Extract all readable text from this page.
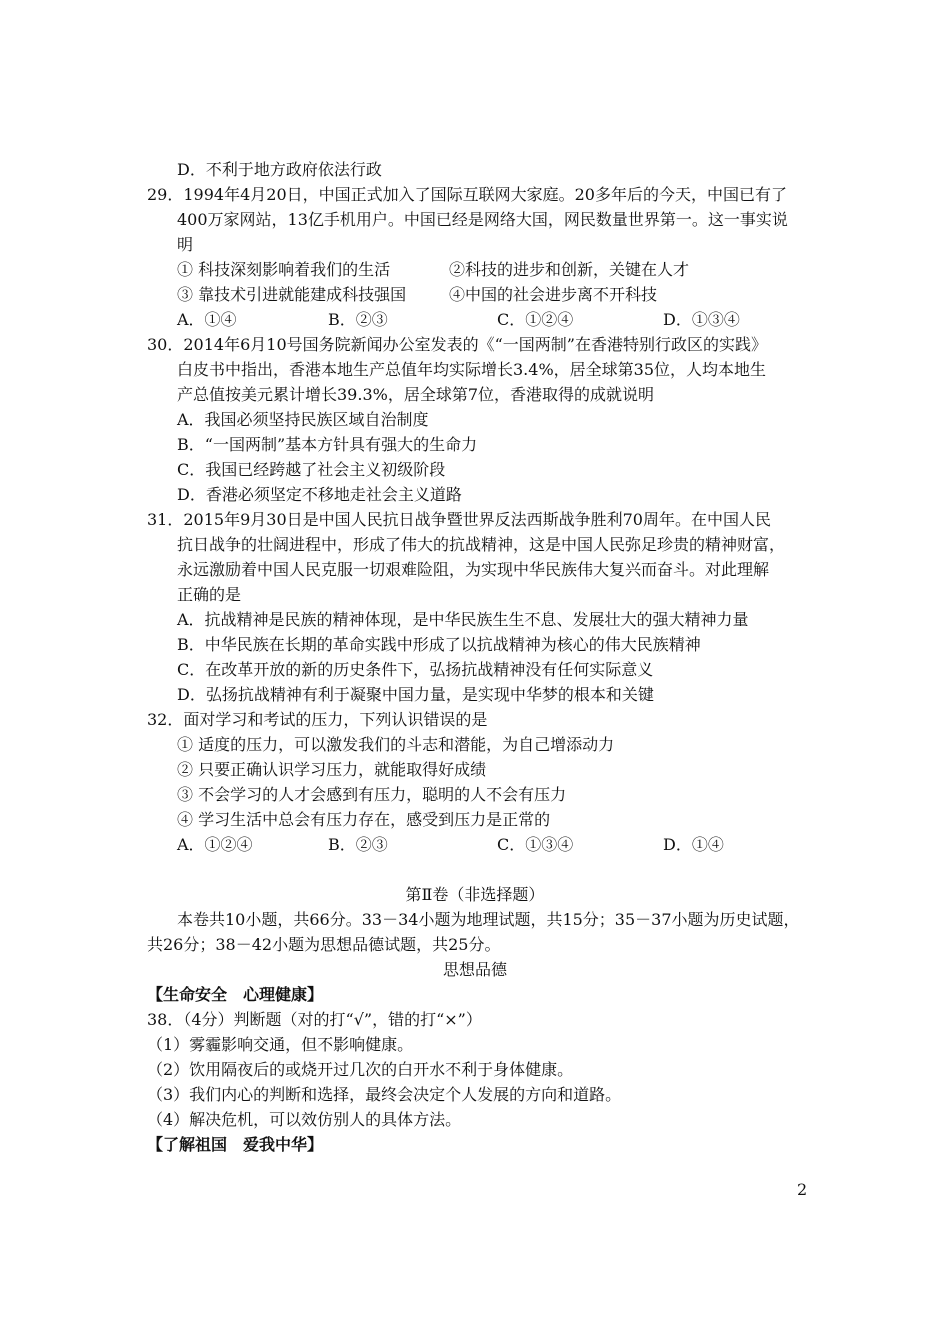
D．不利于地方政府依法行政
29．1994年4月20日，中国正式加入了国际互联网大家庭。20多年后的今天，中国已有了
400万家网站，13亿手机用户。中国已经是网络大国，网民数量世界第一。这一事实说
明
① 科技深刻影响着我们的生活	②科技的进步和创新，关键在人才
③ 靠技术引进就能建成科技强国	④中国的社会进步离不开科技
A．①④	B．②③	C．①②④	D．①③④
30．2014年6月10号国务院新闻办公室发表的《“一国两制”在香港特别行政区的实践》
白皮书中指出，香港本地生产总值年均实际增长3.4%，居全球第35位，人均本地生
产总值按美元累计增长39.3%，居全球第7位，香港取得的成就说明
A．我国必须坚持民族区域自治制度
B．“一国两制”基本方针具有强大的生命力
C．我国已经跨越了社会主义初级阶段
D．香港必须坚定不移地走社会主义道路
31．2015年9月30日是中国人民抗日战争暨世界反法西斯战争胜利70周年。在中国人民
抗日战争的壮阔进程中，形成了伟大的抗战精神，这是中国人民弥足珍贵的精神财富，
永远激励着中国人民克服一切艰难险阻，为实现中华民族伟大复兴而奋斗。对此理解
正确的是
A．抗战精神是民族的精神体现，是中华民族生生不息、发展壮大的强大精神力量
B．中华民族在长期的革命实践中形成了以抗战精神为核心的伟大民族精神
C．在改革开放的新的历史条件下，弘扬抗战精神没有任何实际意义
D．弘扬抗战精神有利于凝聚中国力量，是实现中华梦的根本和关键
32．面对学习和考试的压力，下列认识错误的是
① 适度的压力，可以激发我们的斗志和潜能，为自己增添动力
② 只要正确认识学习压力，就能取得好成绩
③ 不会学习的人才会感到有压力，聪明的人不会有压力
④ 学习生活中总会有压力存在，感受到压力是正常的
A．①②④	B．②③	C．①③④	D．①④
第Ⅱ卷（非选择题）
本卷共10小题，共66分。33－34小题为地理试题，共15分；35－37小题为历史试题，
共26分；38－42小题为思想品德试题，共25分。
思想品德
【生命安全　心理健康】
38．（4分）判断题（对的打“√”，错的打“×”）
（1）雾霾影响交通，但不影响健康。
（2）饮用隔夜后的或烧开过几次的白开水不利于身体健康。
（3）我们内心的判断和选择，最终会决定个人发展的方向和道路。
（4）解决危机，可以效仿别人的具体方法。
【了解祖国　爱我中华】
2
